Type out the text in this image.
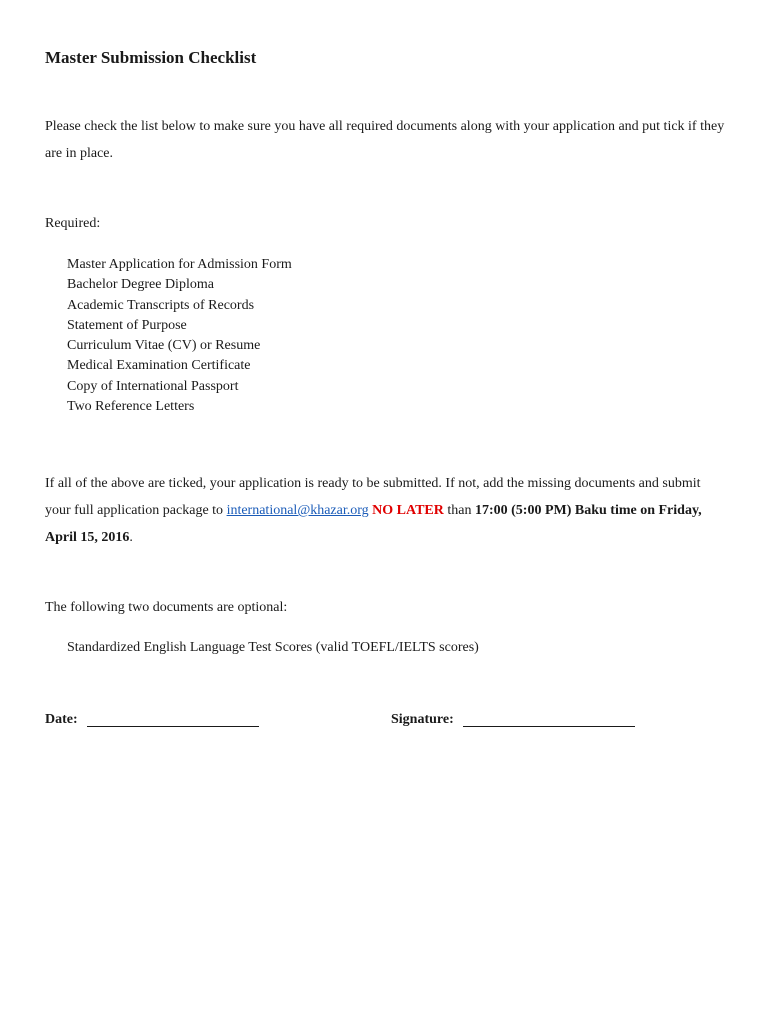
Master Submission Checklist
Please check the list below to make sure you have all required documents along with your application and put tick if they are in place.
Required:
Master Application for Admission Form
Bachelor Degree Diploma
Academic Transcripts of Records
Statement of Purpose
Curriculum Vitae (CV) or Resume
Medical Examination Certificate
Copy of International Passport
Two Reference Letters
If all of the above are ticked, your application is ready to be submitted. If not, add the missing documents and submit your full application package to international@khazar.org NO LATER than 17:00 (5:00 PM) Baku time on Friday, April 15, 2016.
The following two documents are optional:
Standardized English Language Test Scores (valid TOEFL/IELTS scores)
Date:	Signature:
